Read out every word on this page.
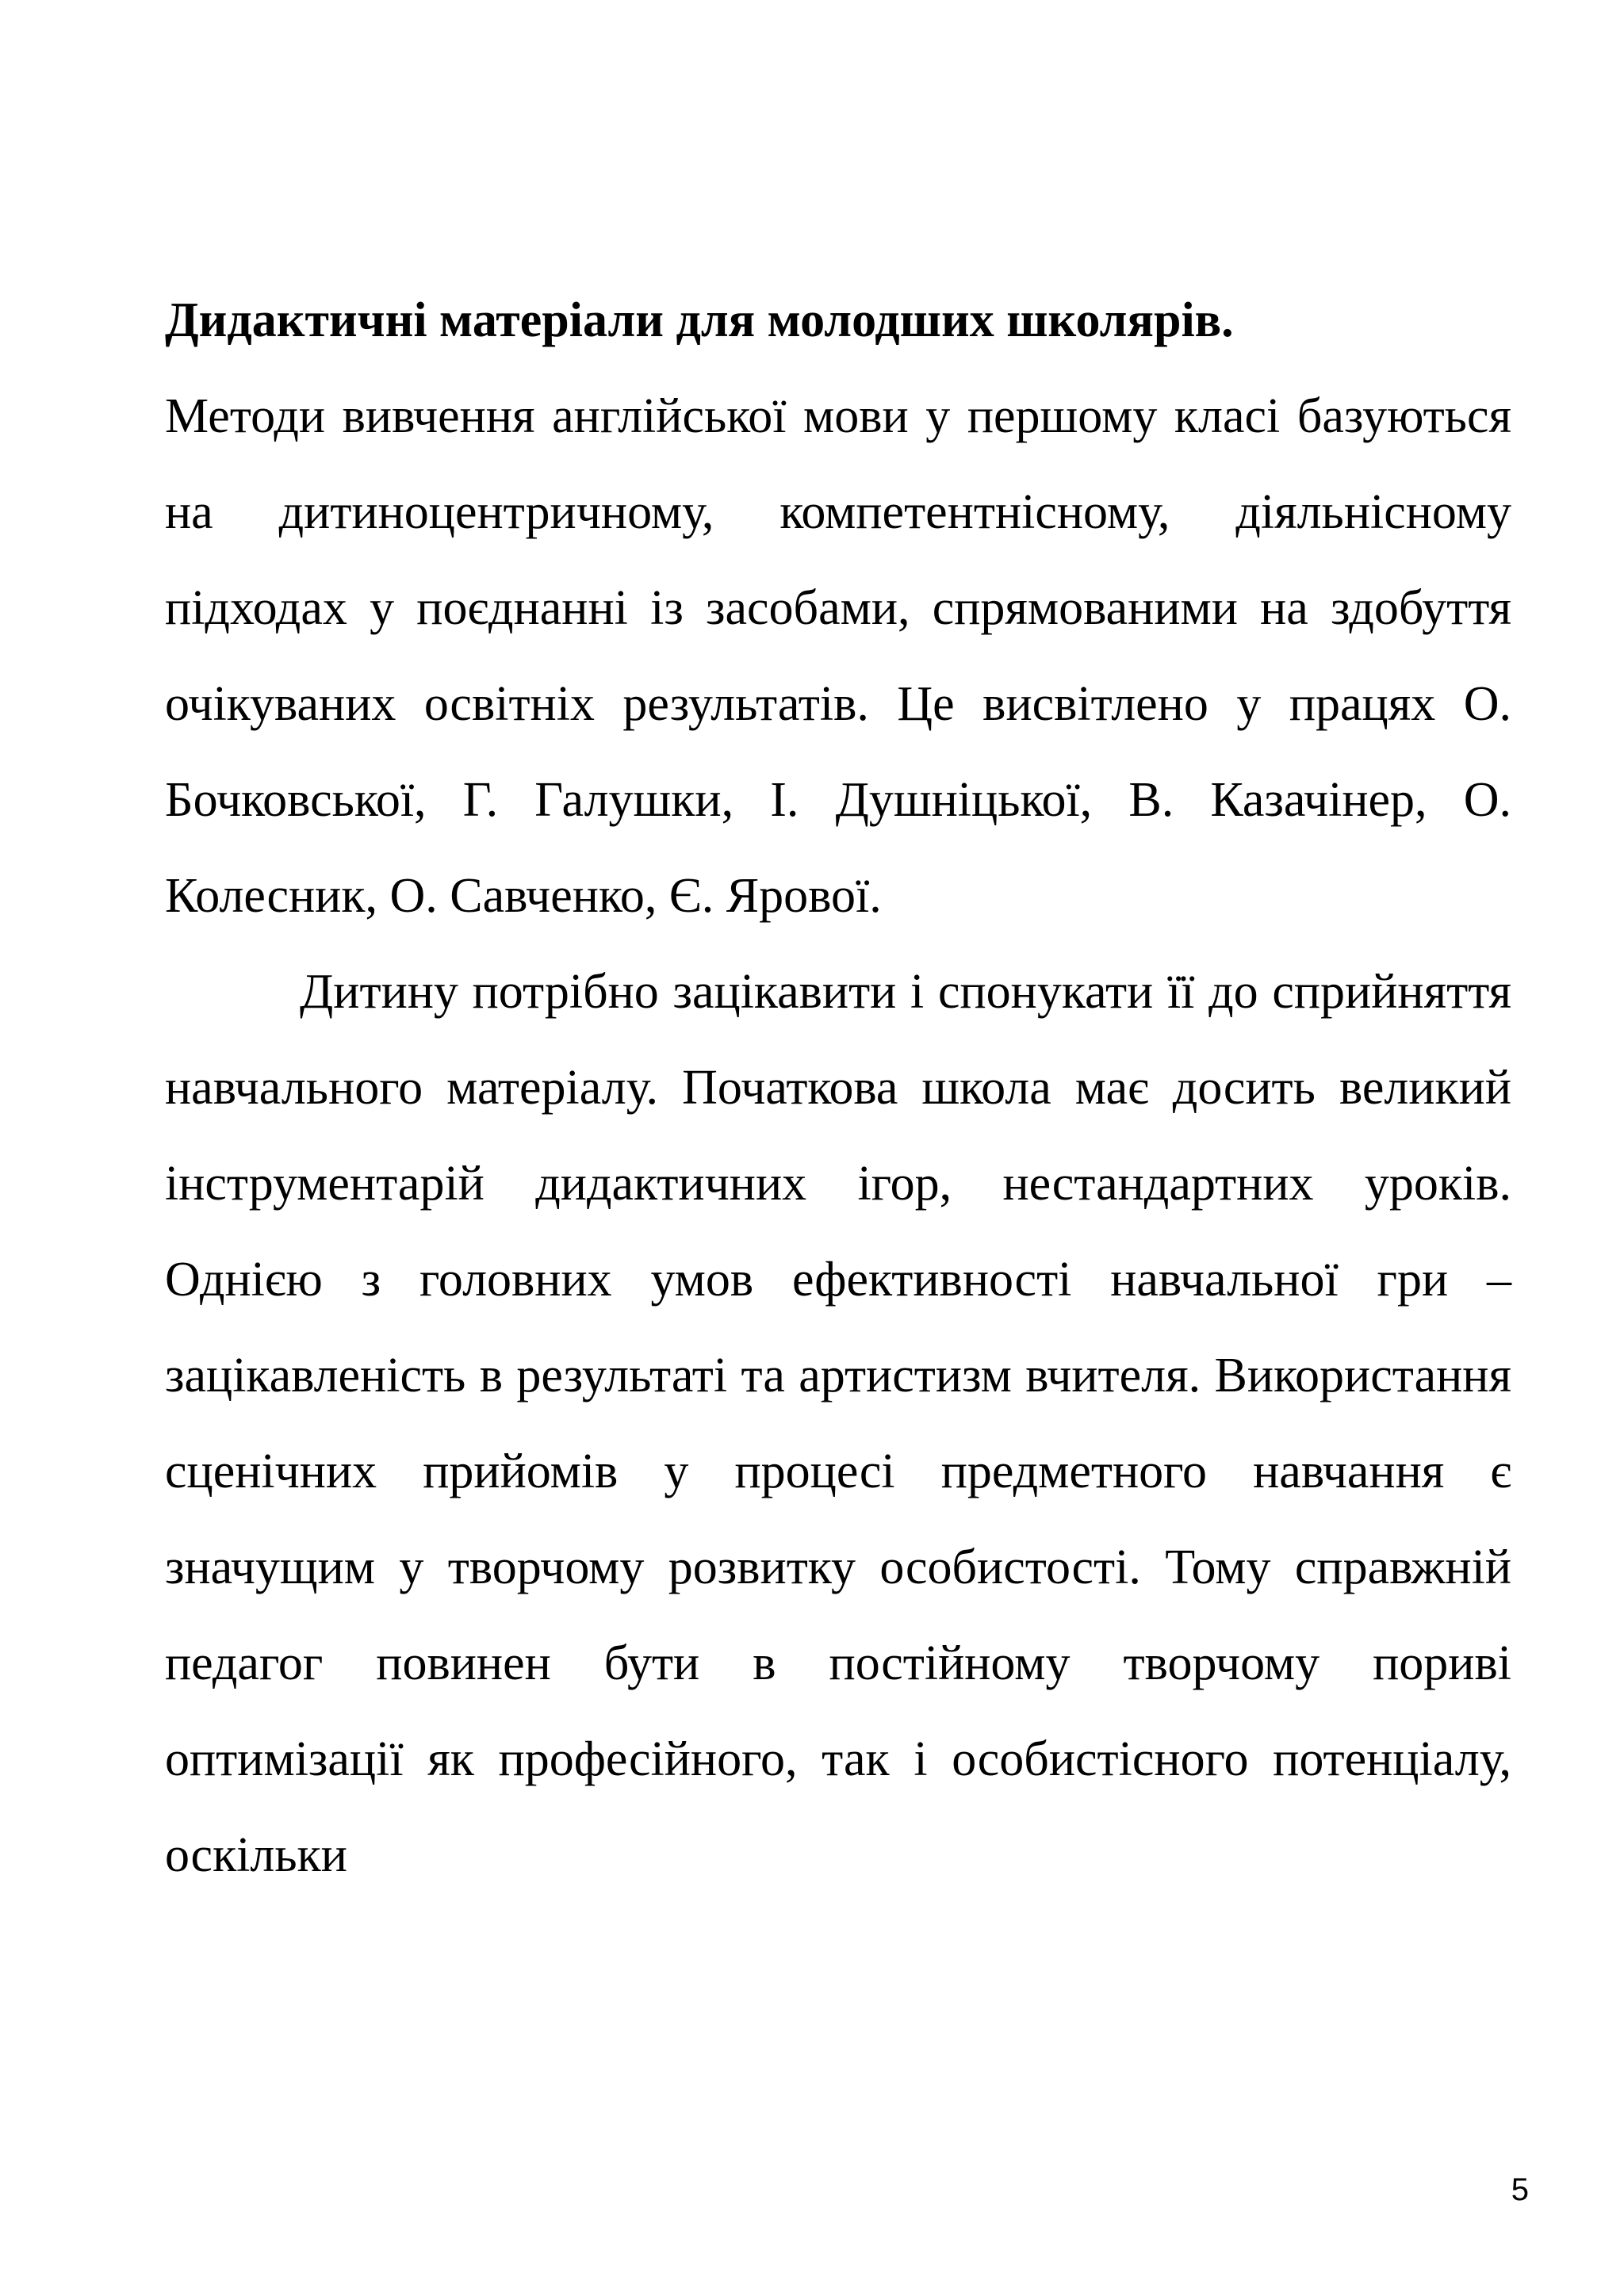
Дидактичні матеріали для молодших школярів.
Методи вивчення англійської мови у першому класі базуються на дитиноцентричному, компетентнісному, діяльнісному підходах у поєднанні із засобами, спрямованими на здобуття очікуваних освітніх результатів. Це висвітлено у працях О. Бочковської, Г. Галушки, І. Душніцької, В. Казачінер, О. Колесник, О. Савченко, Є. Ярової.

Дитину потрібно зацікавити і спонукати її до сприйняття навчального матеріалу. Початкова школа має досить великий інструментарій дидактичних ігор, нестандартних уроків. Однією з головних умов ефективності навчальної гри – зацікавленість в результаті та артистизм вчителя. Використання сценічних прийомів у процесі предметного навчання є значущим у творчому розвитку особистості. Тому справжній педагог повинен бути в постійному творчому пориві оптимізації як професійного, так і особистісного потенціалу, оскільки

5
